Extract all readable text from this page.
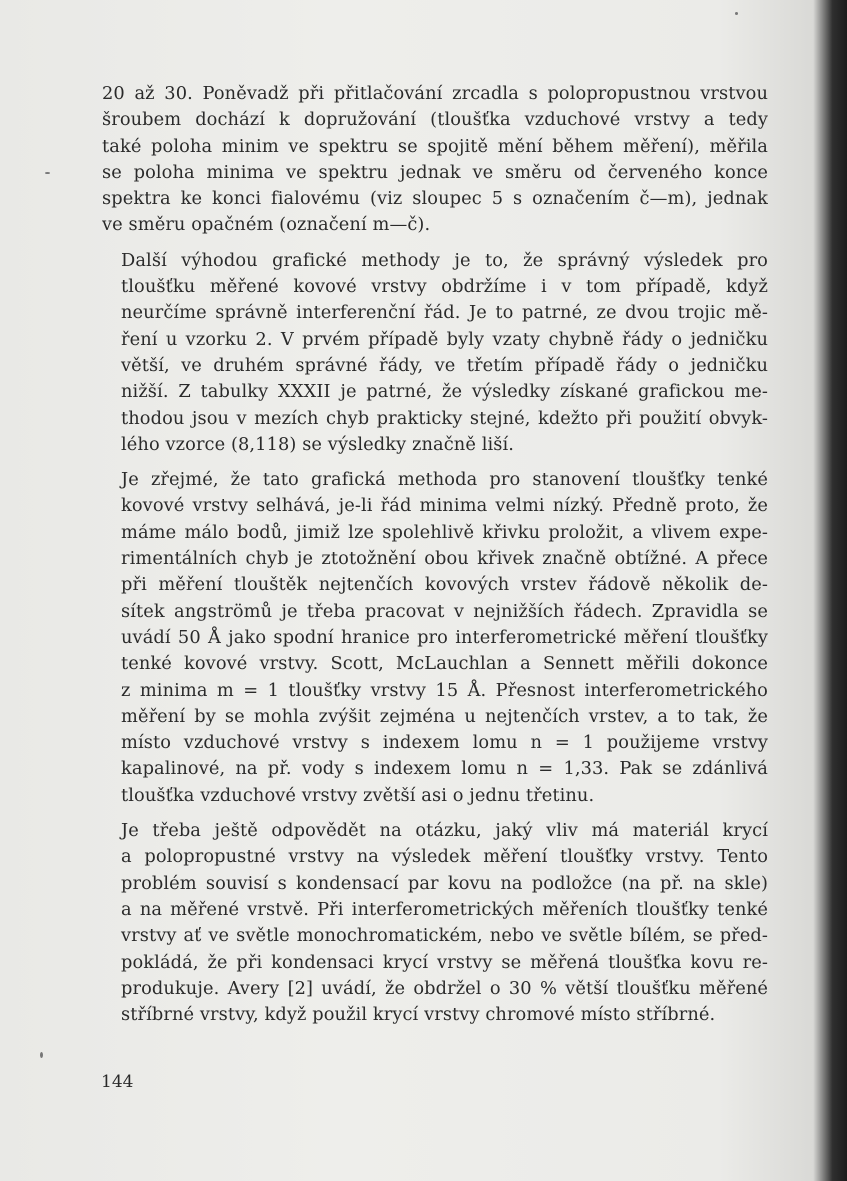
20 až 30. Poněvadž při přitlačování zrcadla s polopropustnou vrstvou
šroubem dochází k dopružování (tloušťka vzduchové vrstvy a tedy
také poloha minim ve spektru se spojitě mění během měření), měřila
se poloha minima ve spektru jednak ve směru od červeného konce
spektra ke konci fialovému (viz sloupec 5 s označením č—m), jednak
ve směru opačném (označení m—č).

Další výhodou grafické methody je to, že správný výsledek pro
tloušťku měřené kovové vrstvy obdržíme i v tom případě, když
neurčíme správně interferenční řád. Je to patrné, ze dvou trojic mě-
ření u vzorku 2. V prvém případě byly vzaty chybně řády o jedničku
větší, ve druhém správné řády, ve třetím případě řády o jedničku
nižší. Z tabulky XXXII je patrné, že výsledky získané grafickou me-
thodou jsou v mezích chyb prakticky stejné, kdežto při použití obvyk-
lého vzorce (8,118) se výsledky značně liší.

Je zřejmé, že tato grafická methoda pro stanovení tloušťky tenké
kovové vrstvy selhává, je-li řád minima velmi nízký. Předně proto, že
máme málo bodů, jimiž lze spolehlivě křivku proložit, a vlivem expe-
rimentálních chyb je ztotožnění obou křivek značně obtížné. A přece
při měření tlouštěk nejtenčích kovových vrstev řádově několik de-
sítek angströmů je třeba pracovat v nejnižších řádech. Zpravidla se
uvádí 50 Å jako spodní hranice pro interferometrické měření tloušťky
tenké kovové vrstvy. Scott, McLauchlan a Sennett měřili dokonce
z minima m = 1 tloušťky vrstvy 15 Å. Přesnost interferometrického
měření by se mohla zvýšit zejména u nejtenčích vrstev, a to tak, že
místo vzduchové vrstvy s indexem lomu n = 1 použijeme vrstvy
kapalinové, na př. vody s indexem lomu n = 1,33. Pak se zdánlivá
tloušťka vzduchové vrstvy zvětší asi o jednu třetinu.

Je třeba ještě odpovědět na otázku, jaký vliv má materiál krycí
a polopropustné vrstvy na výsledek měření tloušťky vrstvy. Tento
problém souvisí s kondensací par kovu na podložce (na př. na skle)
a na měřené vrstvě. Při interferometrických měřeních tloušťky tenké
vrstvy ať ve světle monochromatickém, nebo ve světle bílém, se před-
pokládá, že při kondensaci krycí vrstvy se měřená tloušťka kovu re-
produkuje. Avery [2] uvádí, že obdržel o 30 % větší tloušťku měřené
stříbrné vrstvy, když použil krycí vrstvy chromové místo stříbrné.

144
